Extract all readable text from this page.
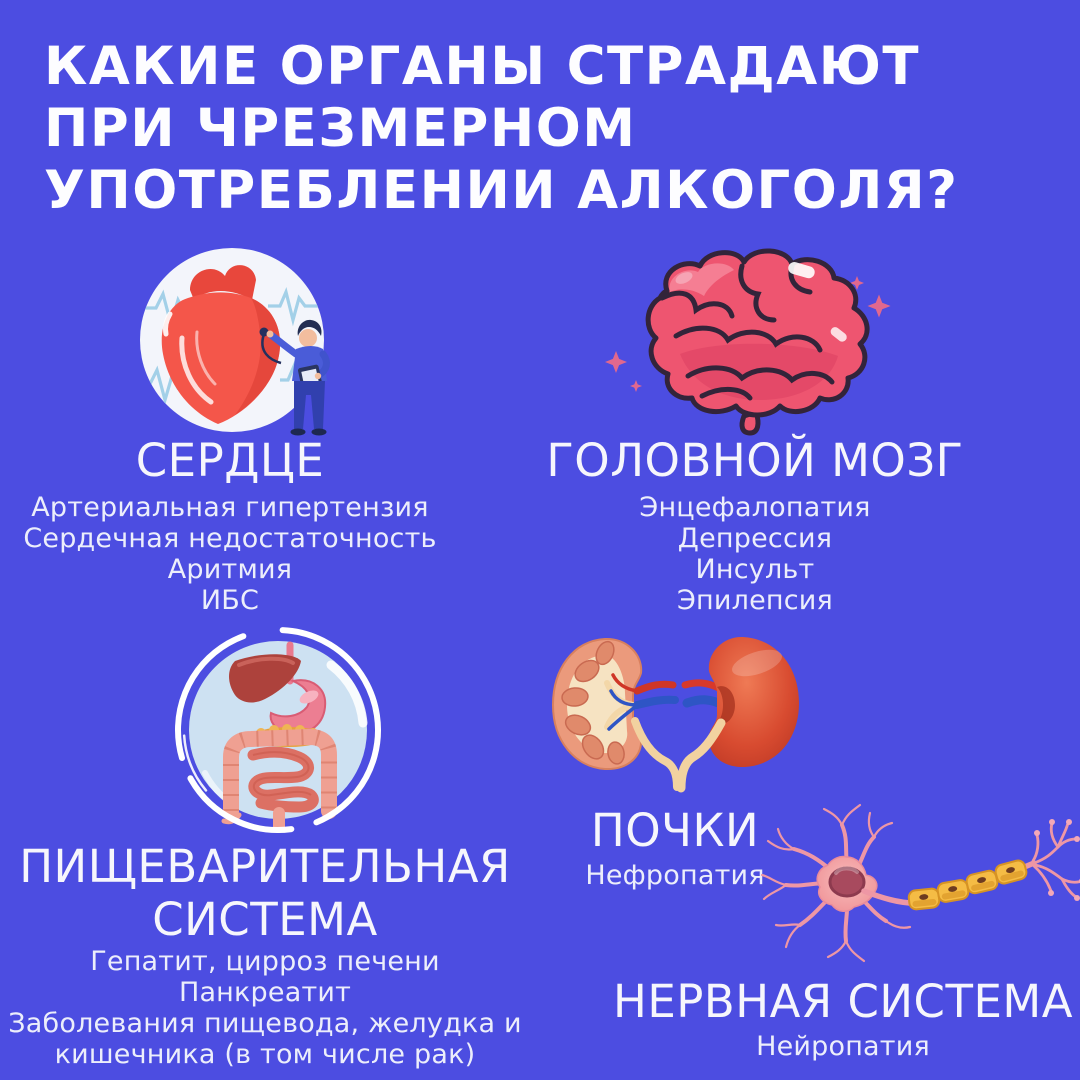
КАКИЕ ОРГАНЫ СТРАДАЮТ
ПРИ ЧРЕЗМЕРНОМ
УПОТРЕБЛЕНИИ АЛКОГОЛЯ?
СЕРДЦЕ
Артериальная гипертензия
Сердечная недостаточность
Аритмия
ИБС
ГОЛОВНОЙ МОЗГ
Энцефалопатия
Депрессия
Инсульт
Эпилепсия
ПИЩЕВАРИТЕЛЬНАЯ СИСТЕМА
Гепатит, цирроз печени
Панкреатит
Заболевания пищевода, желудка и кишечника (в том числе рак)
ПОЧКИ
Нефропатия
НЕРВНАЯ СИСТЕМА
Нейропатия
